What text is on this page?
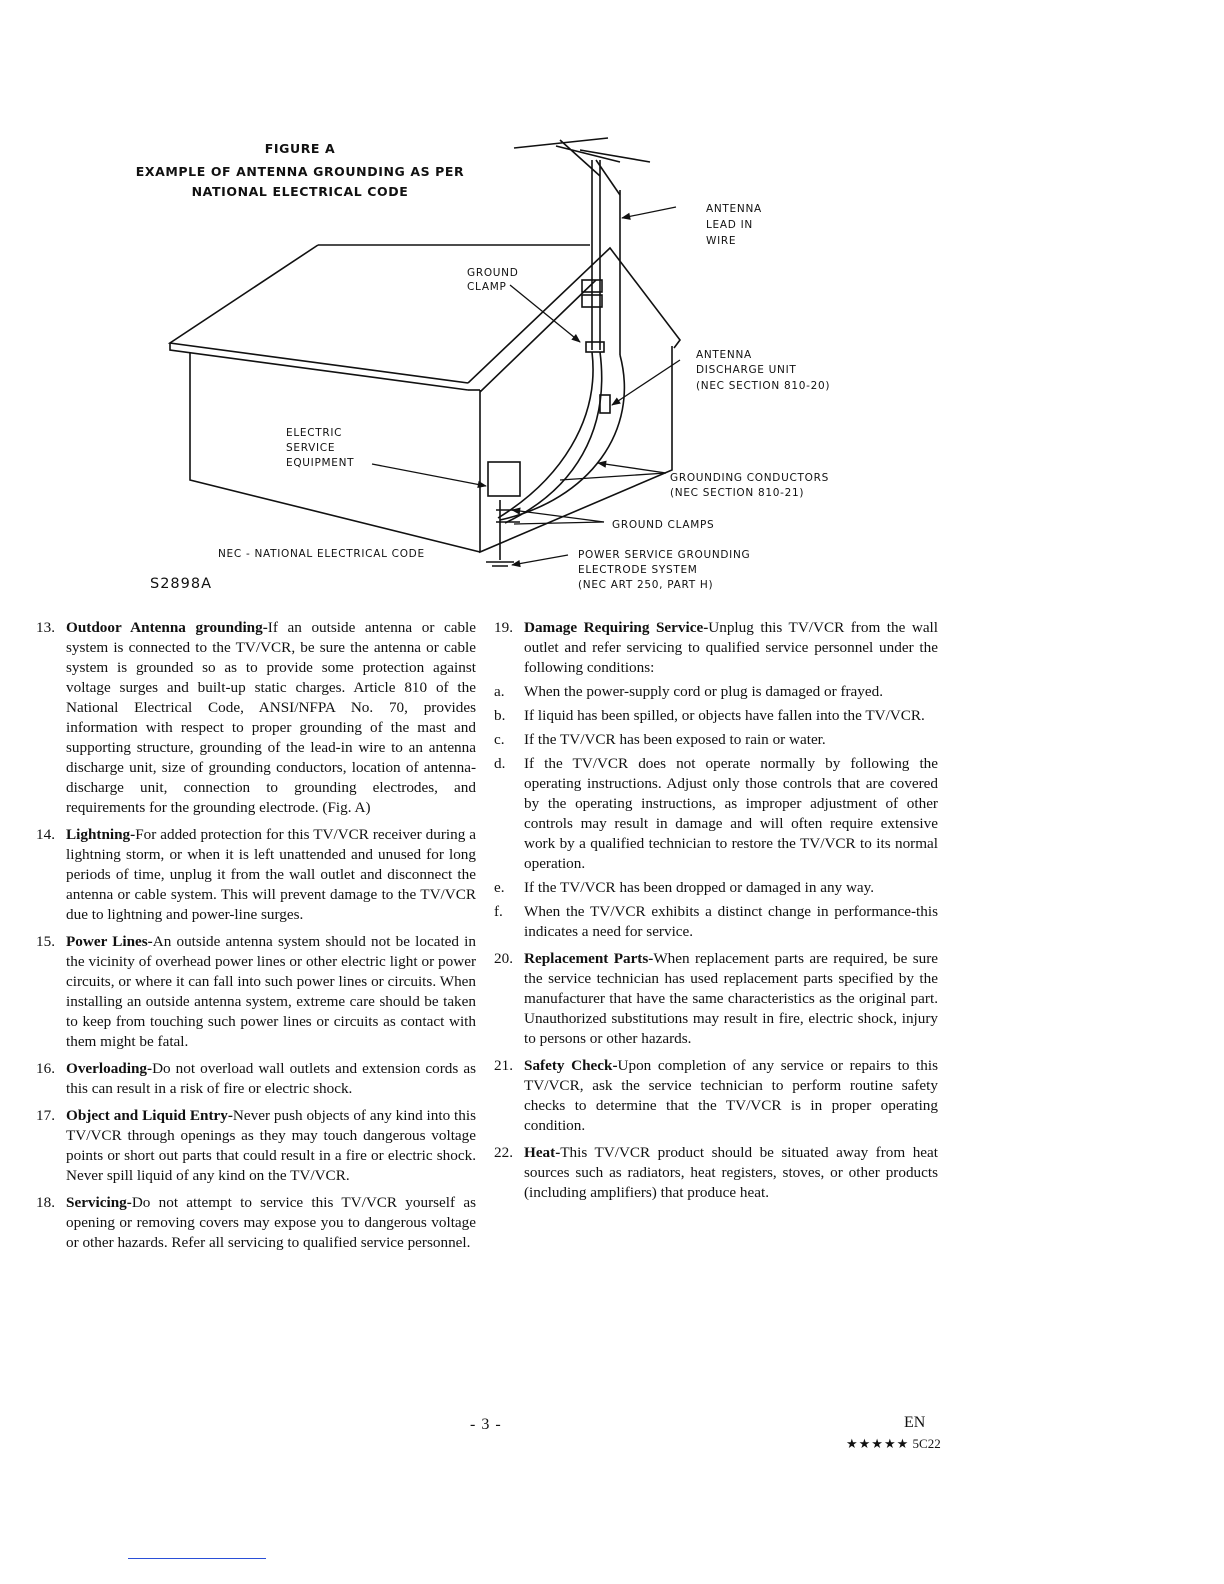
FIGURE A
EXAMPLE OF ANTENNA GROUNDING AS PER
NATIONAL ELECTRICAL CODE
ANTENNA
LEAD IN
WIRE
GROUND
CLAMP
ANTENNA
DISCHARGE UNIT
(NEC SECTION 810-20)
ELECTRIC
SERVICE
EQUIPMENT
GROUNDING CONDUCTORS
(NEC SECTION 810-21)
GROUND CLAMPS
NEC - NATIONAL ELECTRICAL CODE	POWER SERVICE GROUNDING
ELECTRODE SYSTEM
(NEC ART 250, PART H)
S2898A
13. Outdoor Antenna grounding-If an outside antenna or cable system is connected to the TV/VCR, be sure the antenna or cable system is grounded so as to provide some protection against voltage surges and built-up static charges. Article 810 of the National Electrical Code, ANSI/NFPA No. 70, provides information with respect to proper grounding of the mast and supporting structure, grounding of the lead-in wire to an antenna discharge unit, size of grounding conductors, location of antenna-discharge unit, connection to grounding electrodes, and requirements for the grounding electrode. (Fig. A)
14. Lightning-For added protection for this TV/VCR receiver during a lightning storm, or when it is left unattended and unused for long periods of time, unplug it from the wall outlet and disconnect the antenna or cable system. This will prevent damage to the TV/VCR due to lightning and power-line surges.
15. Power Lines-An outside antenna system should not be located in the vicinity of overhead power lines or other electric light or power circuits, or where it can fall into such power lines or circuits. When installing an outside antenna system, extreme care should be taken to keep from touching such power lines or circuits as contact with them might be fatal.
16. Overloading-Do not overload wall outlets and extension cords as this can result in a risk of fire or electric shock.
17. Object and Liquid Entry-Never push objects of any kind into this TV/VCR through openings as they may touch dangerous voltage points or short out parts that could result in a fire or electric shock. Never spill liquid of any kind on the TV/VCR.
18. Servicing-Do not attempt to service this TV/VCR yourself as opening or removing covers may expose you to dangerous voltage or other hazards. Refer all servicing to qualified service personnel.
19. Damage Requiring Service-Unplug this TV/VCR from the wall outlet and refer servicing to qualified service personnel under the following conditions:
a.	When the power-supply cord or plug is damaged or frayed.
b.	If liquid has been spilled, or objects have fallen into the TV/VCR.
c.	If the TV/VCR has been exposed to rain or water.
d.	If the TV/VCR does not operate normally by following the operating instructions. Adjust only those controls that are covered by the operating instructions, as improper adjustment of other controls may result in damage and will often require extensive work by a qualified technician to restore the TV/VCR to its normal operation.
e.	If the TV/VCR has been dropped or damaged in any way.
f.	When the TV/VCR exhibits a distinct change in performance-this indicates a need for service.
20. Replacement Parts-When replacement parts are required, be sure the service technician has used replacement parts specified by the manufacturer that have the same characteristics as the original part. Unauthorized substitutions may result in fire, electric shock, injury to persons or other hazards.
21. Safety Check-Upon completion of any service or repairs to this TV/VCR, ask the service technician to perform routine safety checks to determine that the TV/VCR is in proper operating condition.
22. Heat-This TV/VCR product should be situated away from heat sources such as radiators, heat registers, stoves, or other products (including amplifiers) that produce heat.
- 3 -	EN
★★★★★ 5C22
